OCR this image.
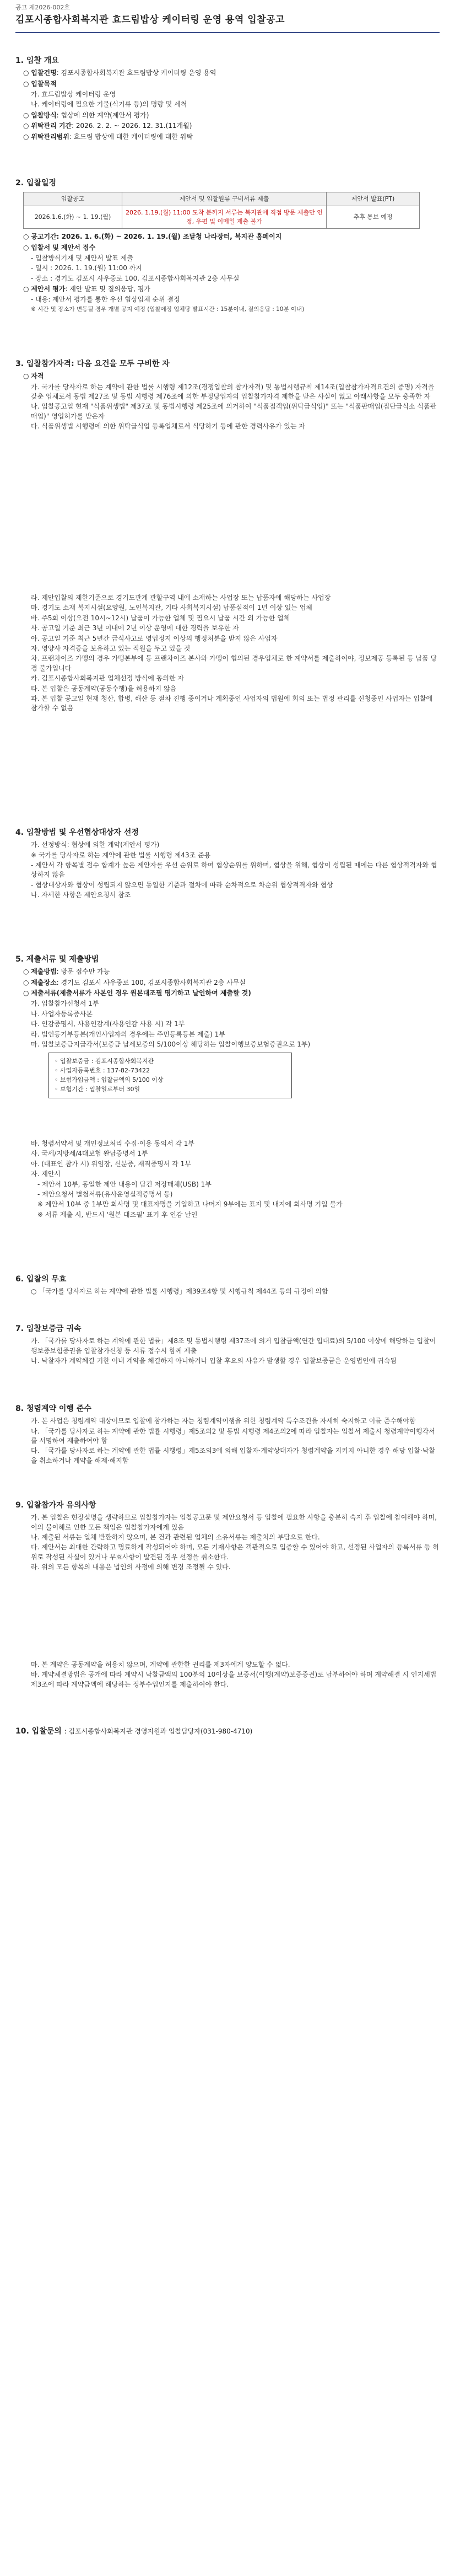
공고 제2026-002호
김포시종합사회복지관 효드림밥상 케이터링 운영 용역 입찰공고
1. 입찰 개요
○ 입찰건명: 김포시종합사회복지관 효드림밥상 케이터링 운영 용역
○ 입찰목적
가. 효드림밥상 케이터링 운영
나. 케이터링에 필요한 기물(식기류 등)의 명랑 및 세척
○ 입찰방식: 협상에 의한 계약(제안서 평가)
○ 위탁관리 기간: 2026. 2. 2. ~ 2026. 12. 31.(11개월)
○ 위탁관리범위: 효드림 밥상에 대한 케이터링에 대한 위탁
2. 입찰일정
입찰공고	제안서 및 입찰원류 구비서류 제출	제안서 발표(PT)
2026.1.6.(화) ~ 1. 19.(월)	2026. 1.19.(월) 11:00 도착 분까지 서류는 복지관에 직접 방문 제출만 인정, 우편 및 이메일 제출 불가	추후 통보 예정
○ 공고기간: 2026. 1. 6.(화) ~ 2026. 1. 19.(월) 조달청 나라장터, 복지관 홈페이지
○ 입찰서 및 제안서 접수
- 입찰방식기재 및 제안서 발표 제출
- 일시 : 2026. 1. 19.(월) 11:00 까지
- 장소 : 경기도 김포시 사우중로 100, 김포시종합사회복지관 2층 사무실
○ 제안서 평가: 제안 발표 및 질의응답, 평가
- 내용: 제안서 평가를 통한 우선 협상업체 순위 결정
※ 시간 및 장소가 변동될 경우 개별 공지 예정 (입찰예정 업체당 발표시간 : 15분이내, 질의응답 : 10분 이내)
3. 입찰참가자격: 다음 요건을 모두 구비한 자
○ 자격
가. 국가를 당사자로 하는 계약에 관한 법률 시행령 제12조(경쟁입찰의 참가자격) 및 동법시행규칙 제14조(입찰참가자격요건의 증명) 자격을 갖춘 업체로서 동법 제27조 및 동법 시행령 제76조에 의한 부정당업자의 입찰참가자격 제한을 받은 사실이 없고 아래사항을 모두 충족한 자
나. 입찰공고일 현재 "식품위생법" 제37조 및 동법시행령 제25조에 의거하여 "식품접객업(위탁급식업)" 또는 "식품판매업(집단급식소 식품판매업)" 영업허가를 받은자
다. 식품위생법 시행령에 의한 위탁급식업 등록업체로서 식당하기 등에 관한 경력사유가 있는 자
라. 제안입찰의 제한기준으로 경기도관계 관할구역 내에 소재하는 사업장 또는 납품자에 해당하는 사업장
마. 경기도 소재 복지시설(요양원, 노인복지관, 기타 사회복지시설) 납품실적이 1년 이상 있는 업체
바. 주5회 이상(오전 10시~12시) 납품이 가능한 업체 및 필요시 납품 시간 외 가능한 업체
사. 공고일 기준 최근 3년 이내에 2년 이상 운영에 대한 경력을 보유한 자
아. 공고일 기준 최근 5년간 급식사고로 영업정지 이상의 행정처분을 받지 않은 사업자
자. 영양사 자격증을 보유하고 있는 직원을 두고 있을 것
차. 프랜차이즈 가맹의 경우 가맹본부에 등 프랜차이즈 본사와 가맹이 협의된 경우업체로 한 계약서를 제출하여야, 정보제공 등록된 등 납품 당 경 불가입니다
카. 김포시종합사회복지관 업체선정 방식에 동의한 자
타. 본 입찰은 공동계약(공동수행)을 허용하지 않음
파. 본 입찰 공고일 현재 청산, 합병, 해산 등 절차 진행 중이거나 계획중인 사업자의 법원에 회의 또는 법정 관리를 신청중인 사업자는 입찰에 참가할 수 없음
4. 입찰방법 및 우선협상대상자 선정
가. 선정방식: 협상에 의한 계약(제안서 평가)
※ 국가를 당사자로 하는 계약에 관한 법률 시행령 제43조 준용
- 제안서 각 항목별 점수 합계가 높은 제안자를 우선 순위로 하여 협상순위를 위하며, 협상을 위해, 협상이 성립된 때에는 다른 협상적격자와 협상하지 않음
- 협상대상자와 협상이 성립되지 않으면 동일한 기준과 절차에 따라 순차적으로 차순위 협상적격자와 협상
나. 자세한 사항은 제안요청서 참조
5. 제출서류 및 제출방법
○ 제출방법: 방문 접수만 가능
○ 제출장소: 경기도 김포시 사우중로 100, 김포시종합사회복지관 2층 사무실
○ 제출서류(제출서류가 사본인 경우 원본대조필 명기하고 날인하여 제출할 것)
가. 입찰참가신청서 1부
나. 사업자등록증사본
다. 인감증명서, 사용인감계(사용인감 사용 시) 각 1부
라. 법인등기부등본(개인사업자의 경우에는 주민등록등본 제출) 1부
마. 입찰보증금지급각서(보증금 납세보증의 5/100이상 해당하는 입찰이행보증보험증권으로 1부)
◦ 입찰보증금 : 김포시종합사회복지관
◦ 사업자등록번호 : 137-82-73422
◦ 보험가입금액 : 입찰금액의 5/100 이상
◦ 보험기간 : 입찰일로부터 30일
바. 청렴서약서 및 개인정보처리 수집·이용 동의서 각 1부
사. 국세/지방세/4대보험 완납증명서 1부
아. (대표인 참가 시) 위임장, 신분증, 재직증명서 각 1부
자. 제안서
- 제안서 10부, 동일한 제안 내용이 담긴 저장매체(USB) 1부
- 제안요청서 별첨서류(유사운영실적증명서 등)
※ 제안서 10부 중 1부만 회사명 및 대표자명을 기입하고 나머지 9부에는 표지 및 내지에 회사명 기입 불가
※ 서류 제출 시, 반드시 '원본 대조필' 표기 후 인감 날인
6. 입찰의 무효
○ 「국가를 당사자로 하는 계약에 관한 법률 시행령」제39조4항 및 시행규칙 제44조 등의 규정에 의함
7. 입찰보증금 귀속
가. 「국가를 당사자로 하는 계약에 관한 법률」제8조 및 동법시행령 제37조에 의거 입찰금액(연간 입대료)의 5/100 이상에 해당하는 입찰이행보증보험증권을 입찰참가신청 등 서류 접수시 함께 제출
나. 낙찰자가 계약체결 기한 이내 계약을 체결하지 아니하거나 입찰 후요의 사유가 발생할 경우 입찰보증금은 운영법인에 귀속됨
8. 청렴계약 이행 준수
가. 본 사업은 청렴계약 대상이므로 입찰에 참가하는 자는 청렴계약이행을 위한 청렴계약 특수조건을 자세히 숙지하고 이를 준수해야함
나. 「국가를 당사자로 하는 계약에 관한 법률 시행령」제5조의2 및 동법 시행령 제4조의2에 따라 입찰자는 입찰서 제출시 청렴계약이행각서를 서명하여 제출하여야 함
다. 「국가를 당사자로 하는 계약에 관한 법률 시행령」제5조의3에 의해 입찰자·계약상대자가 청렴계약을 지키지 아니한 경우 해당 입찰·낙찰을 취소하거나 계약을 해제·해지함
9. 입찰참가자 유의사항
가. 본 입찰은 현장설명을 생략하므로 입찰참가자는 입찰공고문 및 제안요청서 등 입찰에 필요한 사항을 충분히 숙지 후 입찰에 참여해야 하며, 이의 불이해로 인한 모든 책임은 입찰참가자에게 있음
나. 제출된 서류는 일체 반환하지 않으며, 본 건과 관련된 업체의 소유서류는 제출처의 부담으로 한다.
다. 제안서는 최대한 간략하고 명료하게 작성되어야 하며, 모든 기재사항은 객관적으로 입증할 수 있어야 하고, 선정된 사업자의 등록서류 등 허위로 작성된 사실이 있거나 무효사항이 발견된 경우 선정을 취소한다.
라. 위의 모든 항목의 내용은 법인의 사정에 의해 변경 조정될 수 있다.
마. 본 계약은 공동계약을 허용치 않으며, 계약에 관한한 권리를 제3자에게 양도할 수 없다.
바. 계약체결방법은 공개에 따라 계약시 낙찰금액의 100분의 10이상을 보증서(이행(계약)보증증권)로 납부하여야 하며 계약해결 시 인지세법 제3조에 따라 계약금액에 해당하는 정부수입인지를 제출하여야 한다.
10. 입찰문의 : 김포시종합사회복지관 경영지원과 입찰담당자(031-980-4710)
